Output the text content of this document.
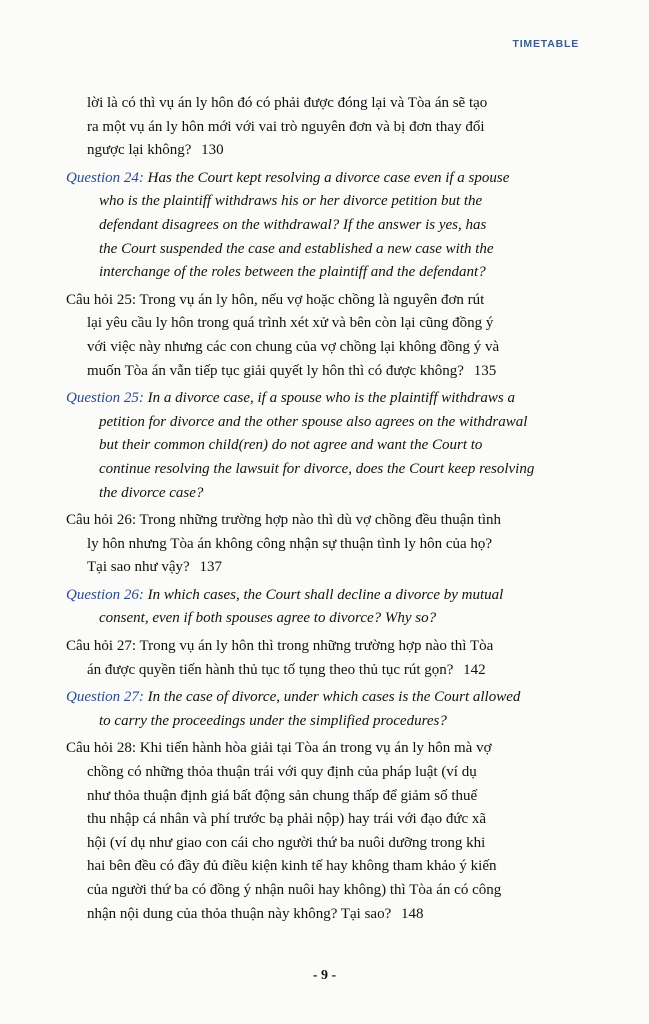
TIMETABLE
lời là có thì vụ án ly hôn đó có phải được đóng lại và Tòa án sẽ tạo
ra một vụ án ly hôn mới với vai trò nguyên đơn và bị đơn thay đổi
ngược lại không? 130
Question 24: Has the Court kept resolving a divorce case even if a spouse
who is the plaintiff withdraws his or her divorce petition but the
defendant disagrees on the withdrawal? If the answer is yes, has
the Court suspended the case and established a new case with the
interchange of the roles between the plaintiff and the defendant?
Câu hỏi 25: Trong vụ án ly hôn, nếu vợ hoặc chồng là nguyên đơn rút
lại yêu cầu ly hôn trong quá trình xét xử và bên còn lại cũng đồng ý
với việc này nhưng các con chung của vợ chồng lại không đồng ý và
muốn Tòa án vẫn tiếp tục giải quyết ly hôn thì có được không? 135
Question 25: In a divorce case, if a spouse who is the plaintiff withdraws a
petition for divorce and the other spouse also agrees on the withdrawal
but their common child(ren) do not agree and want the Court to
continue resolving the lawsuit for divorce, does the Court keep resolving
the divorce case?
Câu hỏi 26: Trong những trường hợp nào thì dù vợ chồng đều thuận tình
ly hôn nhưng Tòa án không công nhận sự thuận tình ly hôn của họ?
Tại sao như vậy? 137
Question 26: In which cases, the Court shall decline a divorce by mutual
consent, even if both spouses agree to divorce? Why so?
Câu hỏi 27: Trong vụ án ly hôn thì trong những trường hợp nào thì Tòa
án được quyền tiến hành thủ tục tố tụng theo thủ tục rút gọn? 142
Question 27: In the case of divorce, under which cases is the Court allowed
to carry the proceedings under the simplified procedures?
Câu hỏi 28: Khi tiến hành hòa giải tại Tòa án trong vụ án ly hôn mà vợ
chồng có những thỏa thuận trái với quy định của pháp luật (ví dụ
như thỏa thuận định giá bất động sản chung thấp để giảm số thuế
thu nhập cá nhân và phí trước bạ phải nộp) hay trái với đạo đức xã
hội (ví dụ như giao con cái cho người thứ ba nuôi dưỡng trong khi
hai bên đều có đầy đủ điều kiện kinh tế hay không tham khảo ý kiến
của người thứ ba có đồng ý nhận nuôi hay không) thì Tòa án có công
nhận nội dung của thỏa thuận này không? Tại sao? 148
- 9 -
